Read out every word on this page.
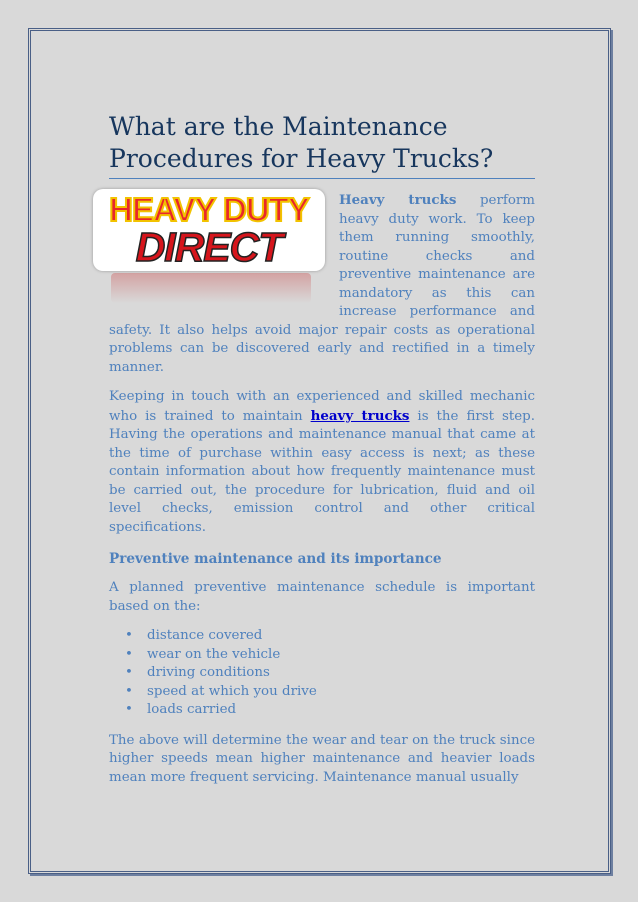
What are the Maintenance Procedures for Heavy Trucks?
HEAVY DUTY
DIRECT

Heavy trucks perform heavy duty work. To keep them running smoothly, routine checks and preventive maintenance are mandatory as this can increase performance and safety. It also helps avoid major repair costs as operational problems can be discovered early and rectified in a timely manner.

Keeping in touch with an experienced and skilled mechanic who is trained to maintain heavy trucks is the first step. Having the operations and maintenance manual that came at the time of purchase within easy access is next; as these contain information about how frequently maintenance must be carried out, the procedure for lubrication, fluid and oil level checks, emission control and other critical specifications.

Preventive maintenance and its importance

A planned preventive maintenance schedule is important based on the:

• distance covered
• wear on the vehicle
• driving conditions
• speed at which you drive
• loads carried

The above will determine the wear and tear on the truck since higher speeds mean higher maintenance and heavier loads mean more frequent servicing. Maintenance manual usually
